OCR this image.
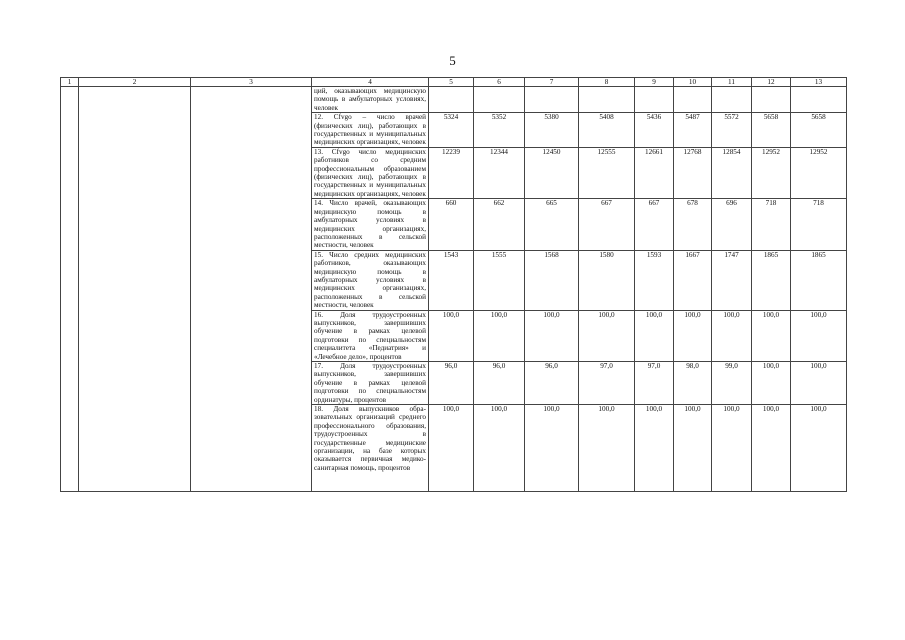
5
1	2	3	4	5	6	7	8	9	10	11	12	13
			ций, оказывающих медицинскую помощь в амбулаторных условиях, человек									
			12. Cfvgo – число врачей (физических лиц), работающих в государственных и муниципальных медицинских организациях, человек	5324	5352	5380	5408	5436	5487	5572	5658	5658
			13. Cfvgo число медицинских работников со средним профессиональным образованием (физических лиц), работающих в государственных и муниципальных медицинских организациях, человек	12239	12344	12450	12555	12661	12768	12854	12952	12952
			14. Число врачей, оказывающих медицинскую помощь в амбулаторных условиях в медицинских организациях, расположенных в сельской местности, человек	660	662	665	667	667	678	696	718	718
			15. Число средних медицинских работников, оказывающих медицинскую помощь в амбулаторных условиях в медицинских организациях, расположенных в сельской местности, человек	1543	1555	1568	1580	1593	1667	1747	1865	1865
			16. Доля трудоустроенных выпускников, завершивших обучение в рамках целевой подготовки по специальностям специалитета «Педиатрия» и «Лечебное дело», процентов	100,0	100,0	100,0	100,0	100,0	100,0	100,0	100,0	100,0
			17. Доля трудоустроенных выпускников, завершивших обучение в рамках целевой подготовки по специальностям ординатуры, процентов	96,0	96,0	96,0	97,0	97,0	98,0	99,0	100,0	100,0
			18. Доля выпускников образовательных организаций среднего профессионального образования, трудоустроенных в государственные медицинские организации, на базе которых оказывается первичная медико-санитарная помощь, процентов	100,0	100,0	100,0	100,0	100,0	100,0	100,0	100,0	100,0
